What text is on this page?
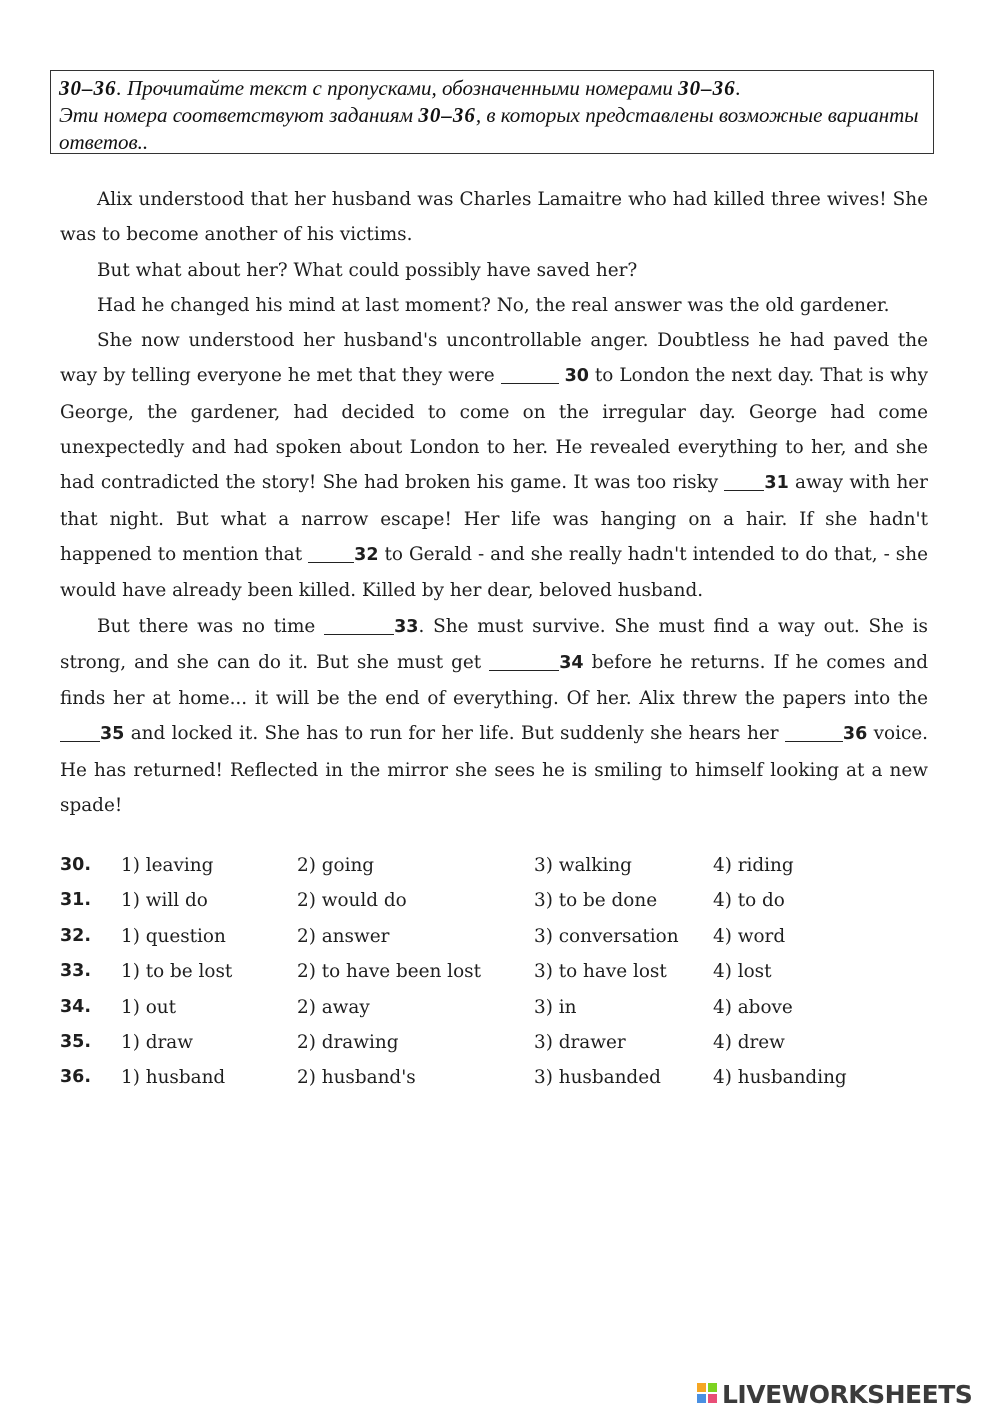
30–36. Прочитайте текст с пропусками, обозначенными номерами 30–36.
Эти номера соответствуют заданиям 30–36, в которых представлены возможные варианты ответов..

Alix understood that her husband was Charles Lamaitre who had killed three wives! She was to become another of his victims.

But what about her? What could possibly have saved her?

Had he changed his mind at last moment? No, the real answer was the old gardener.

She now understood her husband's uncontrollable anger. Doubtless he had paved the way by telling everyone he met that they were	30 to London the next day. That is why George, the gardener, had decided to come on the irregular day. George had come unexpectedly and had spoken about London to her. He revealed everything to her, and she had contradicted the story! She had broken his game. It was too risky	31 away with her that night. But what a narrow escape! Her life was hanging on a hair. If she hadn't happened to mention that	32 to Gerald - and she really hadn't intended to do that, - she would have already been killed. Killed by her dear, beloved husband.

But there was no time	33. She must survive. She must find a way out. She is strong, and she can do it. But she must get	34 before he returns. If he comes and finds her at home... it will be the end of everything. Of her. Alix threw the papers into the 35 and locked it. She has to run for her life. But suddenly she hears her	36 voice. He has returned! Reflected in the mirror she sees he is smiling to himself looking at a new spade!

30. 1) leaving	2) going	3) walking	4) riding
31. 1) will do	2) would do	3) to be done	4) to do
32. 1) question	2) answer	3) conversation 4) word
33. 1) to be lost	2) to have been lost	3) to have lost	4) lost
34. 1) out	2) away	3) in	4) above
35. 1) draw	2) drawing	3) drawer	4) drew
36. 1) husband	2) husband's	3) husbanded	4) husbanding
LIVEWORKSHEETS
